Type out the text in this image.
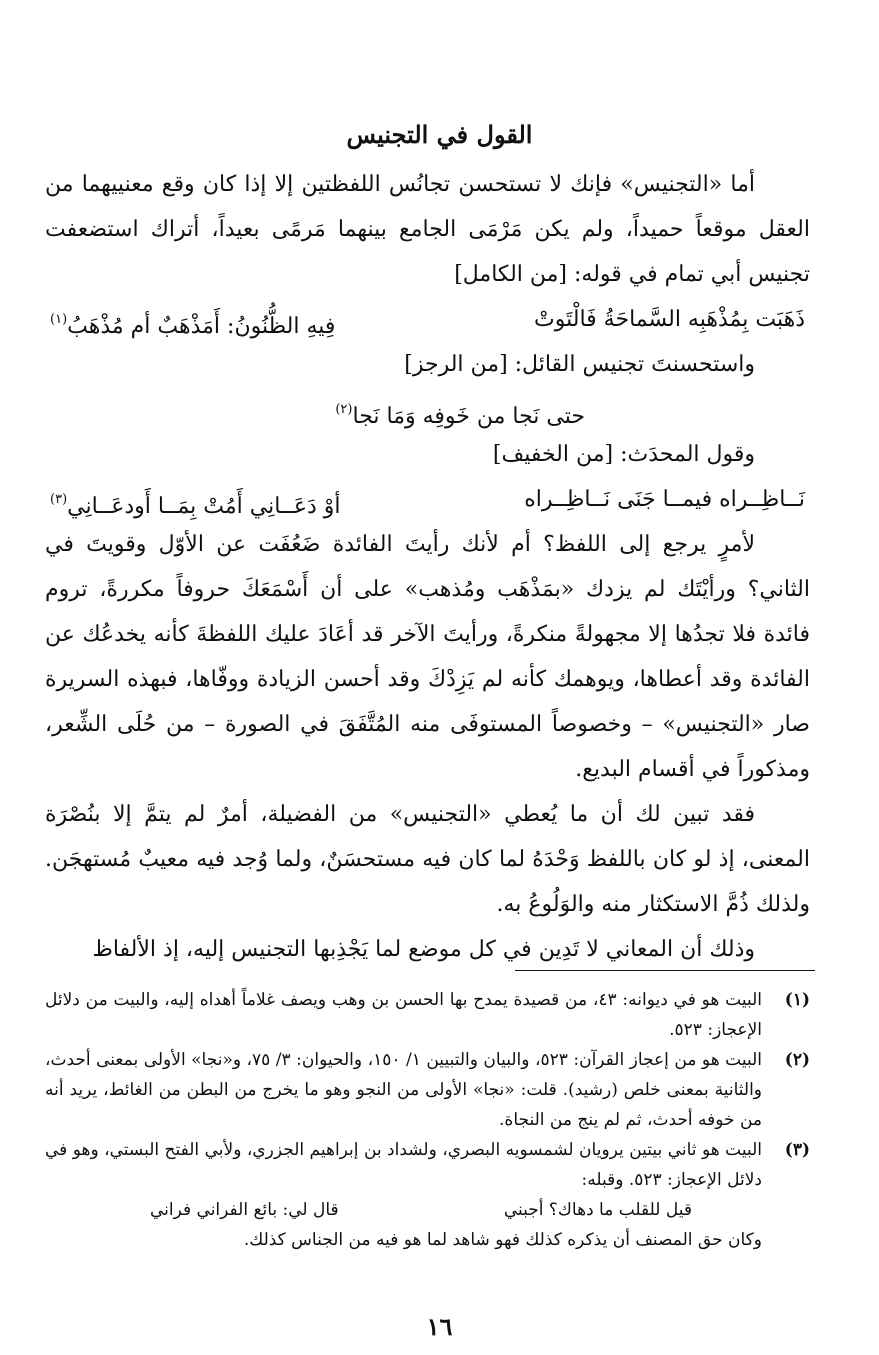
القول في التجنيس

أما «التجنيس» فإنك لا تستحسن تجانُس اللفظتين إلا إذا كان وقع معنييهما من العقل موقعاً حميداً، ولم يكن مَرْمَى الجامع بينهما مَرمًى بعيداً، أتراك استضعفت تجنيس أبي تمام في قوله: [من الكامل]

ذَهَبَت بِمُذْهَبِه السَّماحَةُ فَالْتَوتْ
فِيهِ الظُّنُونُ: أَمَذْهَبٌ أم مُذْهَبُ$^{(١)}$
واستحسنتَ تجنيس القائل: [من الرجز]
حتى نَجا من خَوفِه وَمَا نَجا$^{(٢)}$
وقول المحدَث: [من الخفيف]
نَــاظِــراه فيمــا جَنَى نَــاظِــراه
أوْ دَعَــانِي أَمُتْ بِمَــا أَودعَــانِي$^{(٣)}$

لأمرٍ يرجع إلى اللفظ؟ أم لأنك رأيتَ الفائدة ضَعُفَت عن الأوّل وقويتَ في الثاني؟ ورأيْتَك لم يزدك «بمَذْهَب ومُذهب» على أن أَسْمَعَكَ حروفاً مكررةً، تروم فائدة فلا تجدُها إلا مجهولةً منكرةً، ورأيتَ الآخر قد أعَادَ عليك اللفظةَ كأنه يخدعُك عن الفائدة وقد أعطاها، ويوهمك كأنه لم يَزِدْكَ وقد أحسن الزيادة ووفّاها، فبهذه السريرة صار «التجنيس» – وخصوصاً المستوفَى منه المُتَّفَقَ في الصورة – من حُلَى الشِّعر، ومذكوراً في أقسام البديع.

فقد تبين لك أن ما يُعطي «التجنيس» من الفضيلة، أمرٌ لم يتمَّ إلا بنُصْرَة المعنى، إذ لو كان باللفظ وَحْدَهُ لما كان فيه مستحسَنٌ، ولما وُجد فيه معيبٌ مُستهجَن. ولذلك ذُمَّ الاستكثار منه والوَلُوعُ به.

وذلك أن المعاني لا تَدِين في كل موضع لما يَجْذِبها التجنيس إليه، إذ الألفاظ

(١)
البيت هو في ديوانه: ٤٣، من قصيدة يمدح بها الحسن بن وهب ويصف غلاماً أهداه إليه، والبيت من دلائل الإعجاز: ٥٢٣.
(٢)
البيت هو من إعجاز القرآن: ٥٢٣، والبيان والتبيين ١/ ١٥٠، والحيوان: ٣/ ٧٥، و«نجا» الأولى بمعنى أحدث، والثانية بمعنى خلص (رشيد). قلت: «نجا» الأولى من النجو وهو ما يخرج من البطن من الغائط، يريد أنه من خوفه أحدث، ثم لم ينج من النجاة.
(٣)
البيت هو ثاني بيتين يرويان لشمسويه البصري، ولشداد بن إبراهيم الجزري، ولأبي الفتح البستي، وهو في دلائل الإعجاز: ٥٢٣. وقبله:
قيل للقلب ما دهاك؟ أجبني
قال لي: بائع الفراني فراني
وكان حق المصنف أن يذكره كذلك فهو شاهد لما هو فيه من الجناس كذلك.
١٦
